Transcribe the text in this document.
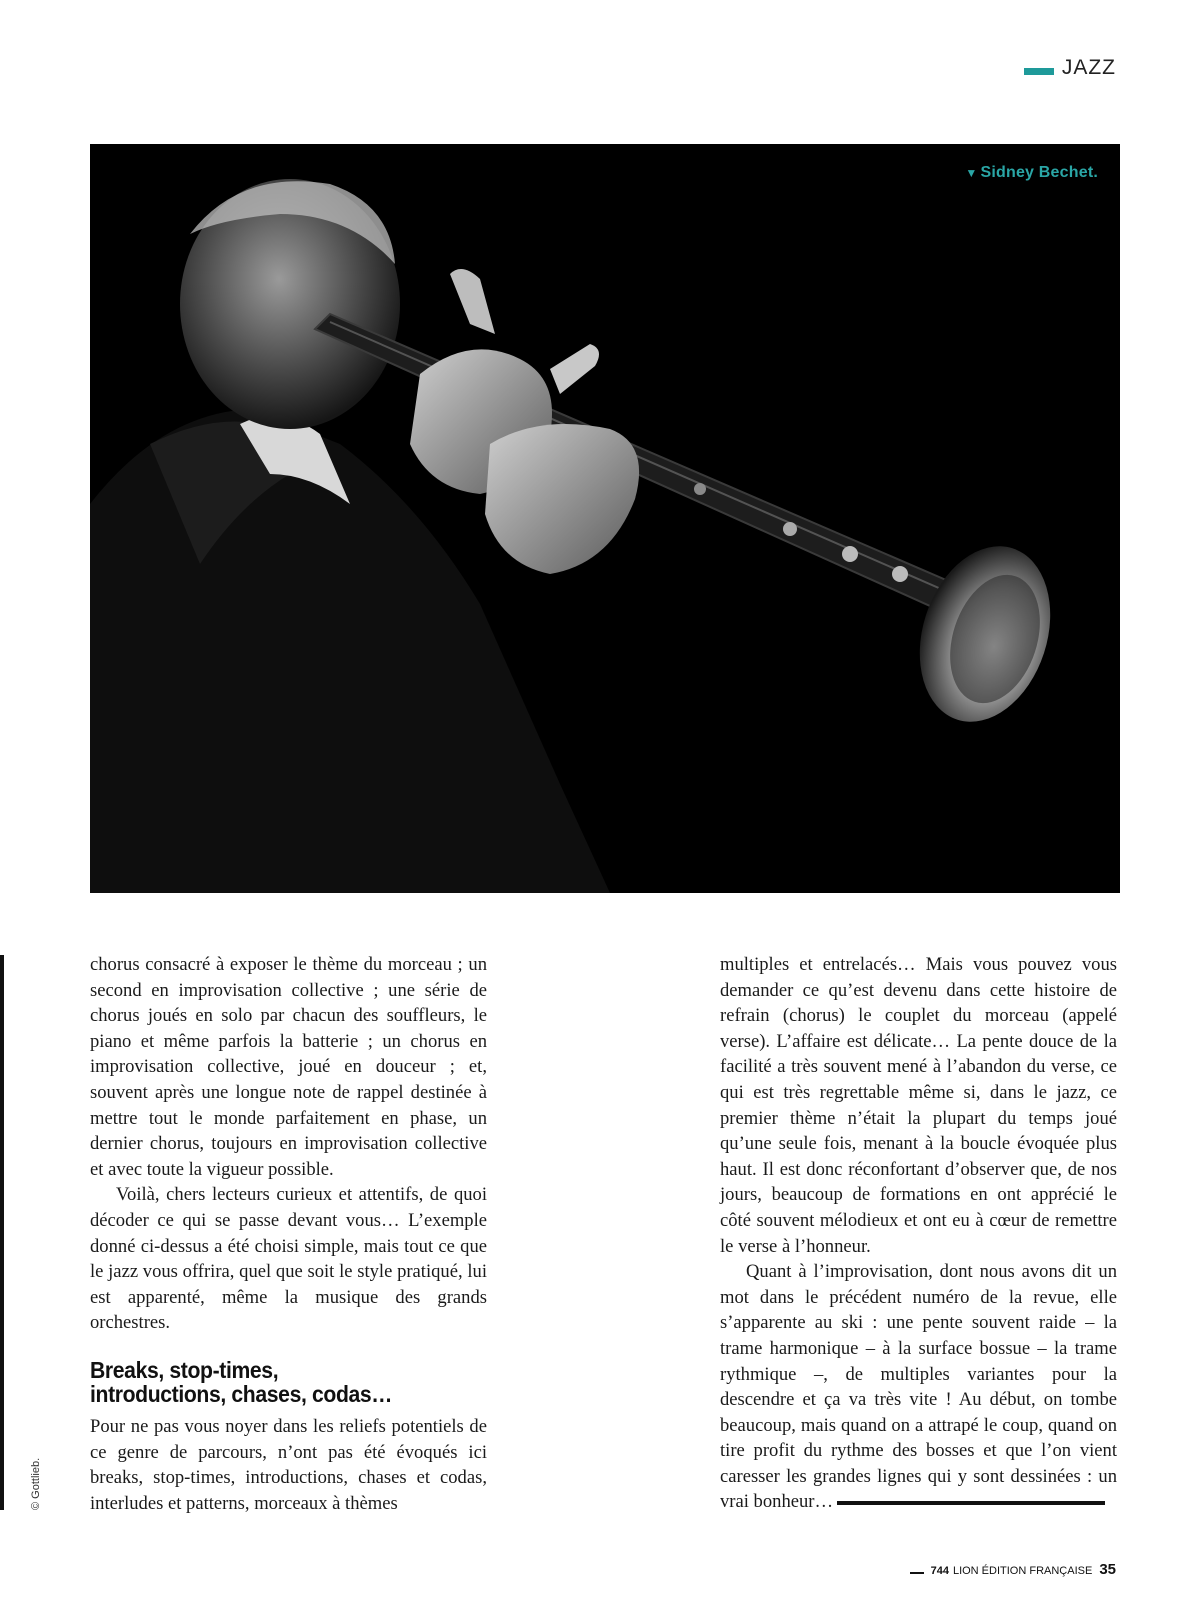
JAZZ
▼ Sidney Bechet.
© Gottlieb.

chorus consacré à exposer le thème du morceau ; un second en improvisation collective ; une série de chorus joués en solo par chacun des souffleurs, le piano et même parfois la batterie ; un chorus en improvisation collective, joué en douceur ; et, souvent après une longue note de rappel destinée à mettre tout le monde parfaitement en phase, un dernier chorus, toujours en improvisation collective et avec toute la vigueur possible.

Voilà, chers lecteurs curieux et attentifs, de quoi décoder ce qui se passe devant vous… L’exemple donné ci-dessus a été choisi simple, mais tout ce que le jazz vous offrira, quel que soit le style pratiqué, lui est apparenté, même la musique des grands orchestres.

Breaks, stop-times,
introductions, chases, codas…

Pour ne pas vous noyer dans les reliefs potentiels de ce genre de parcours, n’ont pas été évoqués ici breaks, stop-times, introductions, chases et codas, interludes et patterns, morceaux à thèmes

multiples et entrelacés… Mais vous pouvez vous demander ce qu’est devenu dans cette histoire de refrain (chorus) le couplet du morceau (appelé verse). L’affaire est délicate… La pente douce de la facilité a très souvent mené à l’abandon du verse, ce qui est très regrettable même si, dans le jazz, ce premier thème n’était la plupart du temps joué qu’une seule fois, menant à la boucle évoquée plus haut. Il est donc réconfortant d’observer que, de nos jours, beaucoup de formations en ont apprécié le côté souvent mélodieux et ont eu à cœur de remettre le verse à l’honneur.

Quant à l’improvisation, dont nous avons dit un mot dans le précédent numéro de la revue, elle s’apparente au ski : une pente souvent raide – la trame harmonique – à la surface bossue – la trame rythmique –, de multiples variantes pour la descendre et ça va très vite ! Au début, on tombe beaucoup, mais quand on a attrapé le coup, quand on tire profit du rythme des bosses et que l’on vient caresser les grandes lignes qui y sont dessinées : un vrai bonheur…

744 LION ÉDITION FRANÇAISE 35
